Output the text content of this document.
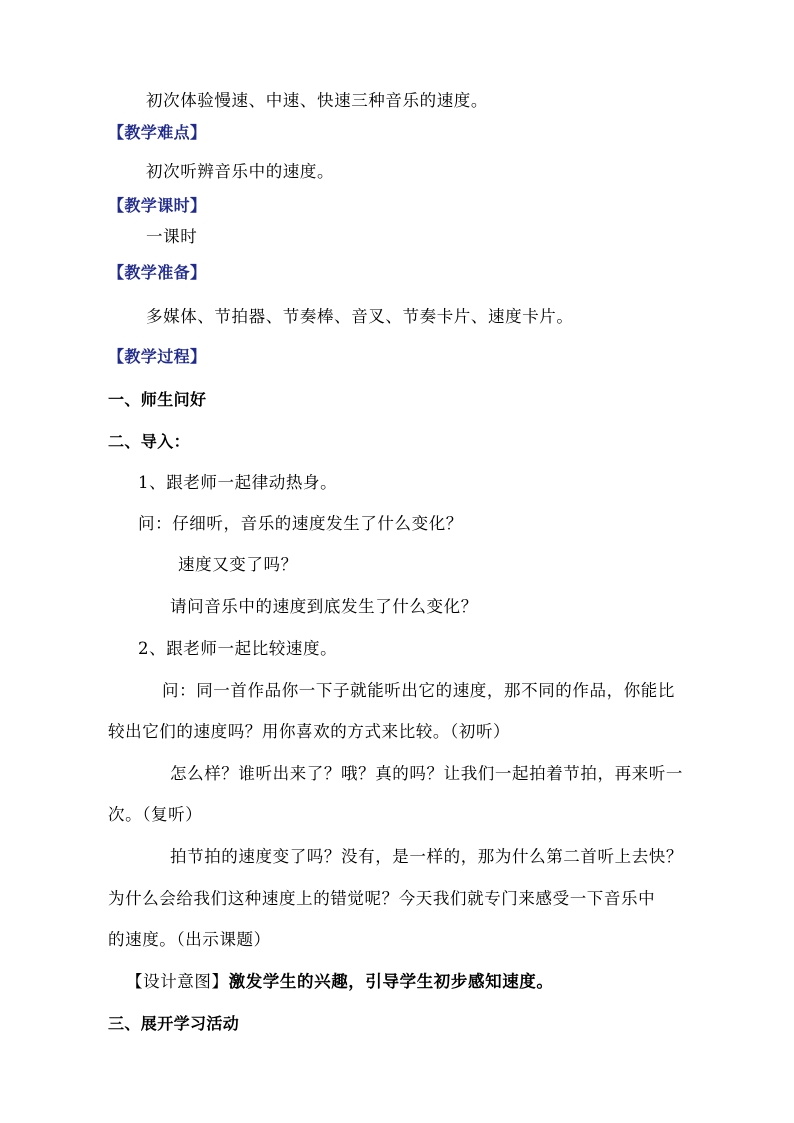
初次体验慢速、中速、快速三种音乐的速度。
【教学难点】
初次听辨音乐中的速度。
【教学课时】
一课时
【教学准备】
多媒体、节拍器、节奏棒、音叉、节奏卡片、速度卡片。
【教学过程】
一、师生问好
二、导入：
1、跟老师一起律动热身。
问：仔细听，音乐的速度发生了什么变化？
速度又变了吗？
请问音乐中的速度到底发生了什么变化？
2、跟老师一起比较速度。
问：同一首作品你一下子就能听出它的速度，那不同的作品，你能比
较出它们的速度吗？用你喜欢的方式来比较。（初听）
怎么样？谁听出来了？哦？真的吗？让我们一起拍着节拍，再来听一
次。（复听）
拍节拍的速度变了吗？没有，是一样的，那为什么第二首听上去快？
为什么会给我们这种速度上的错觉呢？今天我们就专门来感受一下音乐中
的速度。（出示课题）
【设计意图】激发学生的兴趣，引导学生初步感知速度。
三、展开学习活动
